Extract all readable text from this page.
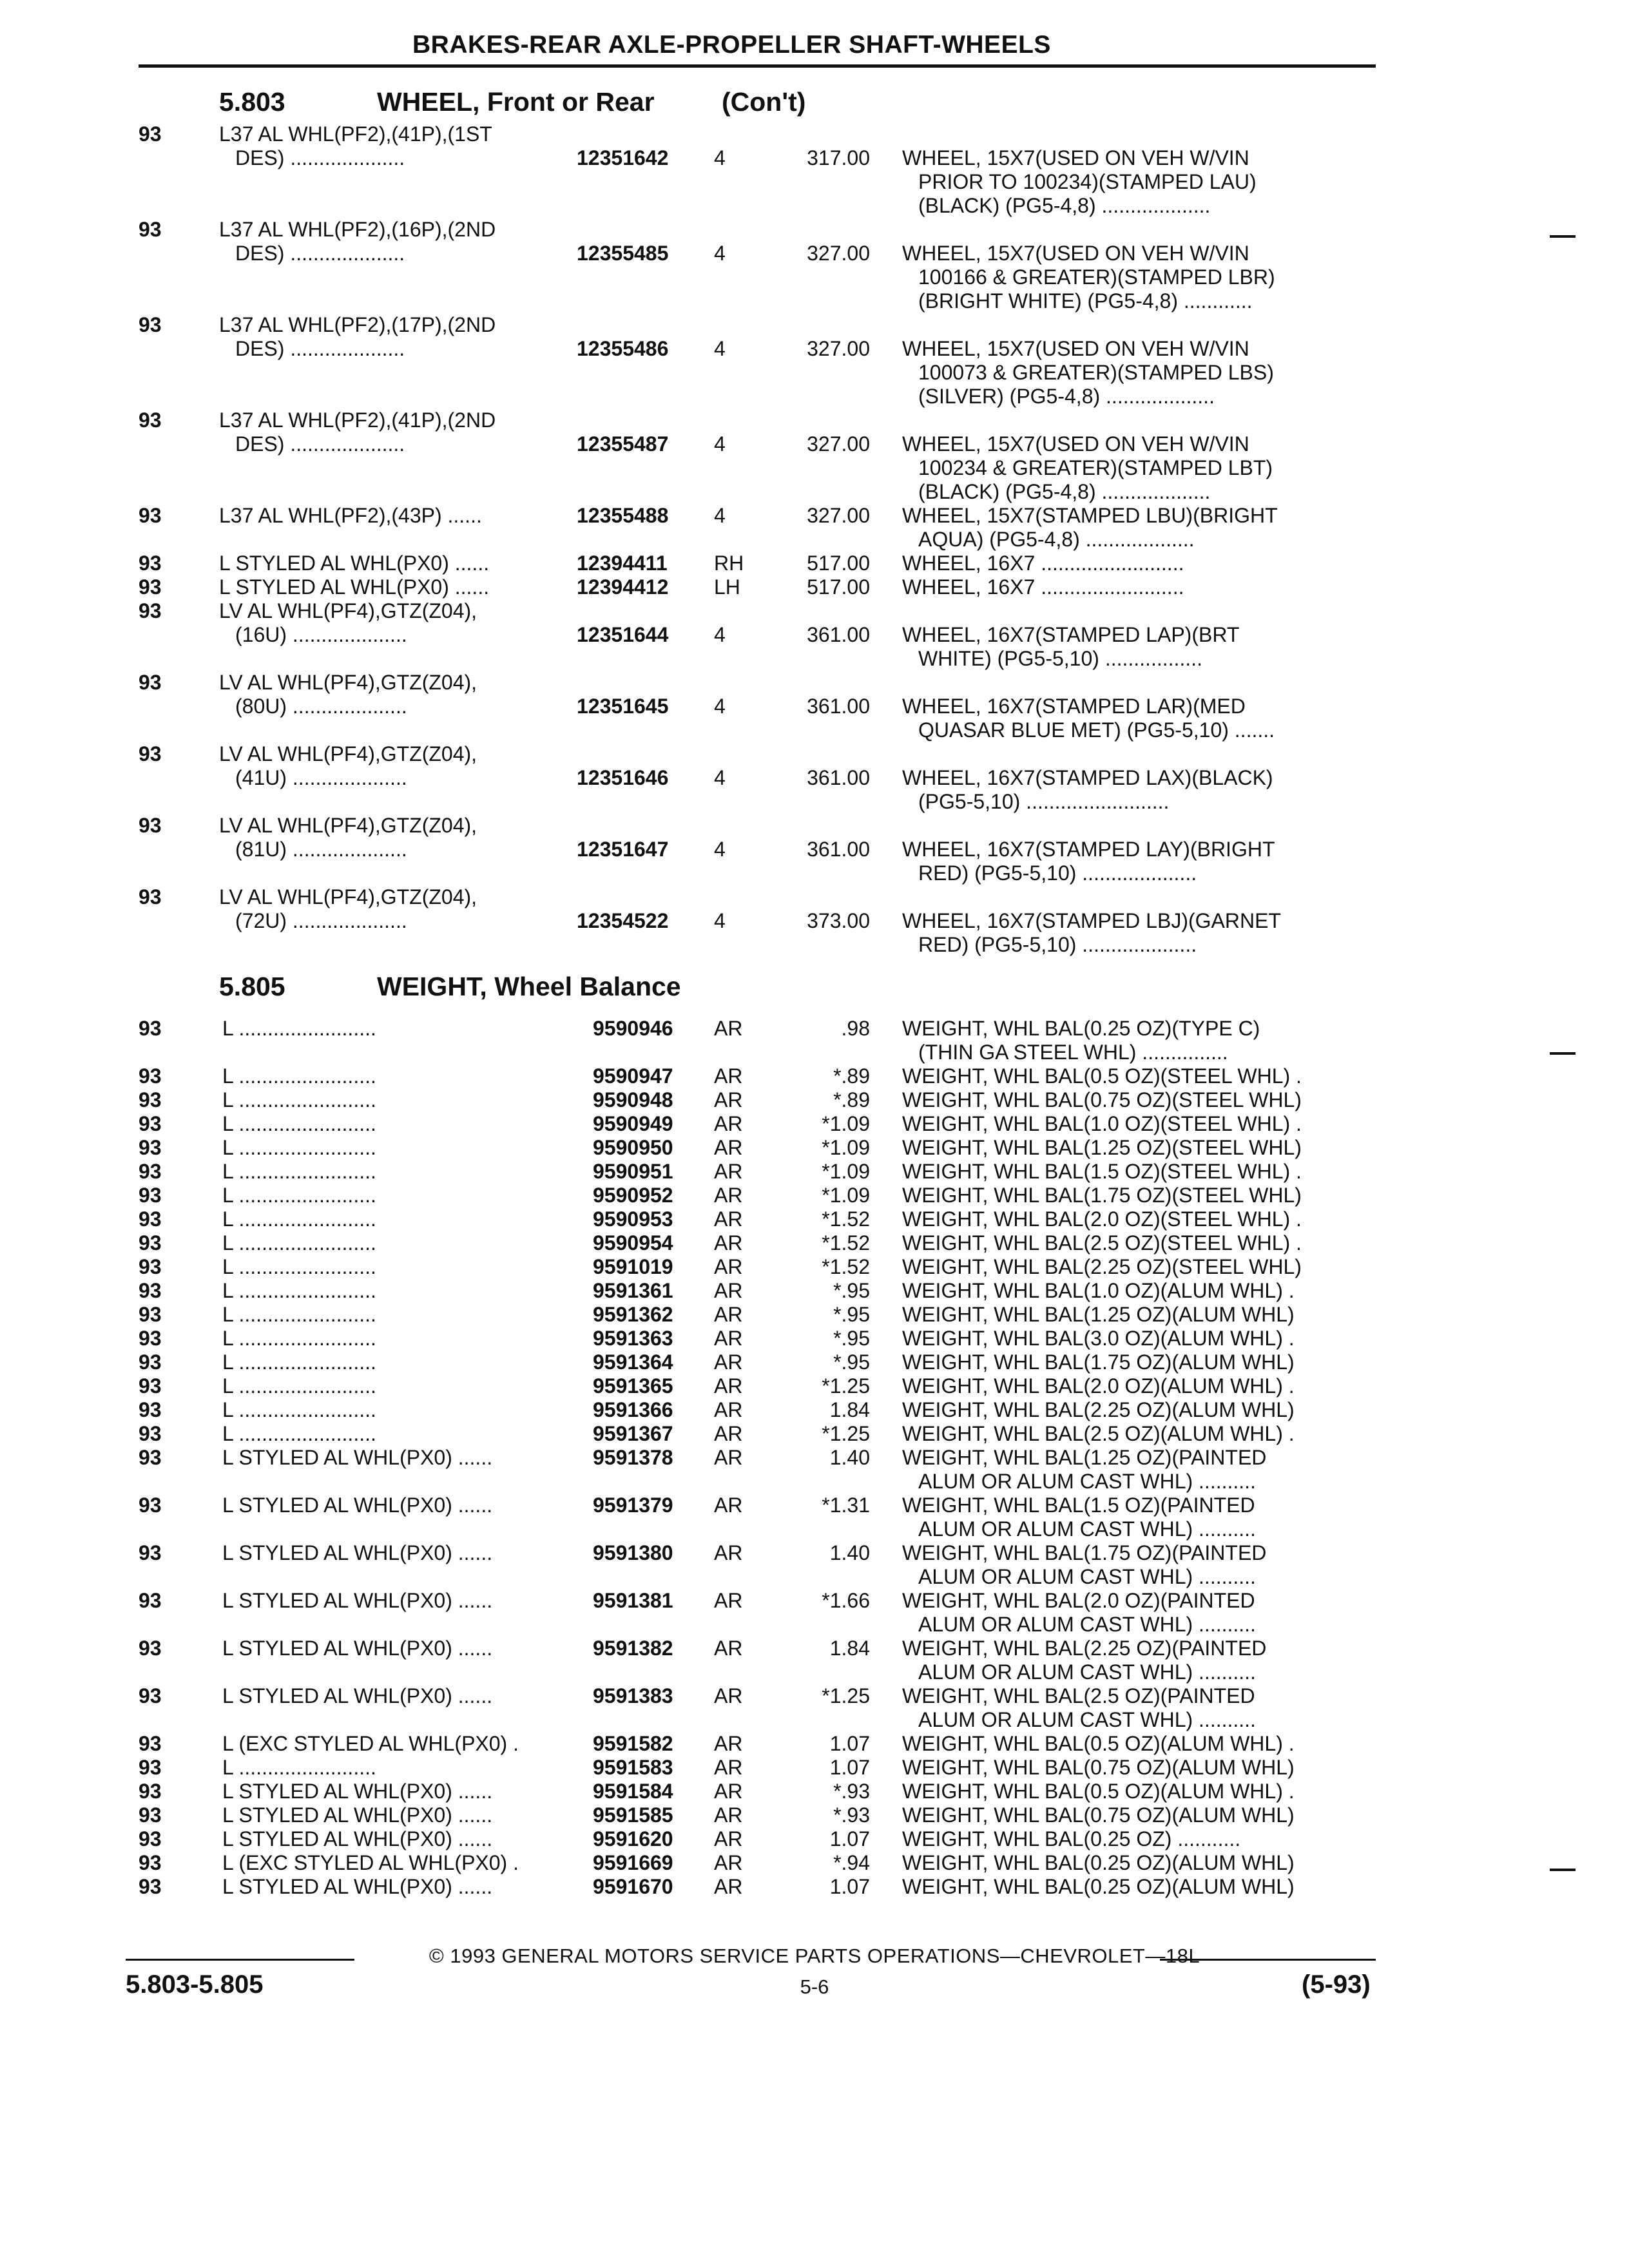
BRAKES-REAR AXLE-PROPELLER SHAFT-WHEELS
5.803	WHEEL, Front or Rear	(Con't)
93	L37 AL WHL(PF2),(41P),(1ST
DES) ....................	12351642 4	317.00 WHEEL, 15X7(USED ON VEH W/VIN
PRIOR TO 100234)(STAMPED LAU)
(BLACK) (PG5-4,8) ...................
93	L37 AL WHL(PF2),(16P),(2ND
DES) ....................	12355485 4	327.00 WHEEL, 15X7(USED ON VEH W/VIN
100166 & GREATER)(STAMPED LBR)
(BRIGHT WHITE) (PG5-4,8) ............
93	L37 AL WHL(PF2),(17P),(2ND
DES) ....................	12355486 4	327.00 WHEEL, 15X7(USED ON VEH W/VIN
100073 & GREATER)(STAMPED LBS)
(SILVER) (PG5-4,8) ...................
93	L37 AL WHL(PF2),(41P),(2ND
DES) ....................	12355487 4	327.00 WHEEL, 15X7(USED ON VEH W/VIN
100234 & GREATER)(STAMPED LBT)
(BLACK) (PG5-4,8) ...................
93	L37 AL WHL(PF2),(43P) ......	12355488 4	327.00 WHEEL, 15X7(STAMPED LBU)(BRIGHT
AQUA) (PG5-4,8) ...................
93	L STYLED AL WHL(PX0) ......	12394411 RH	517.00 WHEEL, 16X7 .........................
93	L STYLED AL WHL(PX0) ......	12394412 LH	517.00 WHEEL, 16X7 .........................
93	LV AL WHL(PF4),GTZ(Z04),
(16U) ....................	12351644 4	361.00 WHEEL, 16X7(STAMPED LAP)(BRT
WHITE) (PG5-5,10) .................
93	LV AL WHL(PF4),GTZ(Z04),
(80U) ....................	12351645 4	361.00 WHEEL, 16X7(STAMPED LAR)(MED
QUASAR BLUE MET) (PG5-5,10) .......
93	LV AL WHL(PF4),GTZ(Z04),
(41U) ....................	12351646 4	361.00 WHEEL, 16X7(STAMPED LAX)(BLACK)
(PG5-5,10) .........................
93	LV AL WHL(PF4),GTZ(Z04),
(81U) ....................	12351647 4	361.00 WHEEL, 16X7(STAMPED LAY)(BRIGHT
RED) (PG5-5,10) ....................
93	LV AL WHL(PF4),GTZ(Z04),
(72U) ....................	12354522 4	373.00 WHEEL, 16X7(STAMPED LBJ)(GARNET
RED) (PG5-5,10) ....................
5.805	WEIGHT, Wheel Balance
93	L ........................	9590946 AR	.98 WEIGHT, WHL BAL(0.25 OZ)(TYPE C)
(THIN GA STEEL WHL) ...............
93	L ........................	9590947 AR	*.89 WEIGHT, WHL BAL(0.5 OZ)(STEEL WHL) .
93	L ........................	9590948 AR	*.89 WEIGHT, WHL BAL(0.75 OZ)(STEEL WHL)
93	L ........................	9590949 AR	*1.09 WEIGHT, WHL BAL(1.0 OZ)(STEEL WHL) .
93	L ........................	9590950 AR	*1.09 WEIGHT, WHL BAL(1.25 OZ)(STEEL WHL)
93	L ........................	9590951 AR	*1.09 WEIGHT, WHL BAL(1.5 OZ)(STEEL WHL) .
93	L ........................	9590952 AR	*1.09 WEIGHT, WHL BAL(1.75 OZ)(STEEL WHL)
93	L ........................	9590953 AR	*1.52 WEIGHT, WHL BAL(2.0 OZ)(STEEL WHL) .
93	L ........................	9590954 AR	*1.52 WEIGHT, WHL BAL(2.5 OZ)(STEEL WHL) .
93	L ........................	9591019 AR	*1.52 WEIGHT, WHL BAL(2.25 OZ)(STEEL WHL)
93	L ........................	9591361 AR	*.95 WEIGHT, WHL BAL(1.0 OZ)(ALUM WHL) .
93	L ........................	9591362 AR	*.95 WEIGHT, WHL BAL(1.25 OZ)(ALUM WHL)
93	L ........................	9591363 AR	*.95 WEIGHT, WHL BAL(3.0 OZ)(ALUM WHL) .
93	L ........................	9591364 AR	*.95 WEIGHT, WHL BAL(1.75 OZ)(ALUM WHL)
93	L ........................	9591365 AR	*1.25 WEIGHT, WHL BAL(2.0 OZ)(ALUM WHL) .
93	L ........................	9591366 AR	1.84 WEIGHT, WHL BAL(2.25 OZ)(ALUM WHL)
93	L ........................	9591367 AR	*1.25 WEIGHT, WHL BAL(2.5 OZ)(ALUM WHL) .
93	L STYLED AL WHL(PX0) ......	9591378 AR	1.40 WEIGHT, WHL BAL(1.25 OZ)(PAINTED
ALUM OR ALUM CAST WHL) ..........
93	L STYLED AL WHL(PX0) ......	9591379 AR	*1.31 WEIGHT, WHL BAL(1.5 OZ)(PAINTED
ALUM OR ALUM CAST WHL) ..........
93	L STYLED AL WHL(PX0) ......	9591380 AR	1.40 WEIGHT, WHL BAL(1.75 OZ)(PAINTED
ALUM OR ALUM CAST WHL) ..........
93	L STYLED AL WHL(PX0) ......	9591381 AR	*1.66 WEIGHT, WHL BAL(2.0 OZ)(PAINTED
ALUM OR ALUM CAST WHL) ..........
93	L STYLED AL WHL(PX0) ......	9591382 AR	1.84 WEIGHT, WHL BAL(2.25 OZ)(PAINTED
ALUM OR ALUM CAST WHL) ..........
93	L STYLED AL WHL(PX0) ......	9591383 AR	*1.25 WEIGHT, WHL BAL(2.5 OZ)(PAINTED
ALUM OR ALUM CAST WHL) ..........
93	L (EXC STYLED AL WHL(PX0) .	9591582 AR	1.07 WEIGHT, WHL BAL(0.5 OZ)(ALUM WHL) .
93	L ........................	9591583 AR	1.07 WEIGHT, WHL BAL(0.75 OZ)(ALUM WHL)
93	L STYLED AL WHL(PX0) ......	9591584 AR	*.93 WEIGHT, WHL BAL(0.5 OZ)(ALUM WHL) .
93	L STYLED AL WHL(PX0) ......	9591585 AR	*.93 WEIGHT, WHL BAL(0.75 OZ)(ALUM WHL)
93	L STYLED AL WHL(PX0) ......	9591620 AR	1.07 WEIGHT, WHL BAL(0.25 OZ) ...........
93	L (EXC STYLED AL WHL(PX0) .	9591669 AR	*.94 WEIGHT, WHL BAL(0.25 OZ)(ALUM WHL)
93	L STYLED AL WHL(PX0) ......	9591670 AR	1.07 WEIGHT, WHL BAL(0.25 OZ)(ALUM WHL)
© 1993 GENERAL MOTORS SERVICE PARTS OPERATIONS—CHEVROLET—18L
5.803-5.805	5-6	(5-93)
